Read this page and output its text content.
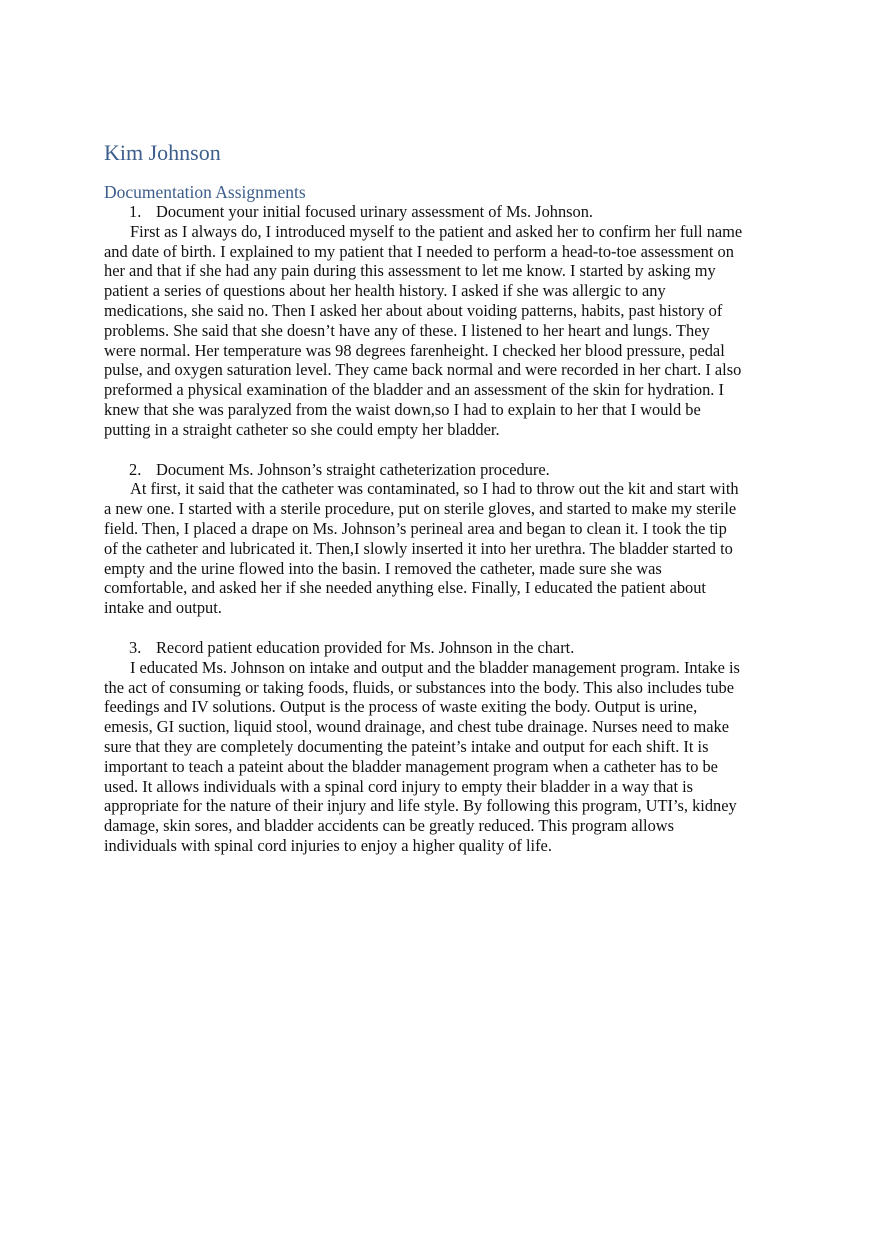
Kim Johnson
Documentation Assignments

1. Document your initial focused urinary assessment of Ms. Johnson.

First as I always do, I introduced myself to the patient and asked her to confirm her full name
and date of birth. I explained to my patient that I needed to perform a head-to-toe assessment on
her and that if she had any pain during this assessment to let me know. I started by asking my
patient a series of questions about her health history. I asked if she was allergic to any
medications, she said no. Then I asked her about about voiding patterns, habits, past history of
problems. She said that she doesn’t have any of these. I listened to her heart and lungs. They
were normal. Her temperature was 98 degrees farenheight. I checked her blood pressure, pedal
pulse, and oxygen saturation level. They came back normal and were recorded in her chart. I also
preformed a physical examination of the bladder and an assessment of the skin for hydration. I
knew that she was paralyzed from the waist down,so I had to explain to her that I would be
putting in a straight catheter so she could empty her bladder.

2. Document Ms. Johnson’s straight catheterization procedure.

At first, it said that the catheter was contaminated, so I had to throw out the kit and start with
a new one. I started with a sterile procedure, put on sterile gloves, and started to make my sterile
field. Then, I placed a drape on Ms. Johnson’s perineal area and began to clean it. I took the tip
of the catheter and lubricated it. Then,I slowly inserted it into her urethra. The bladder started to
empty and the urine flowed into the basin. I removed the catheter, made sure she was
comfortable, and asked her if she needed anything else. Finally, I educated the patient about
intake and output.

3. Record patient education provided for Ms. Johnson in the chart.

I educated Ms. Johnson on intake and output and the bladder management program. Intake is
the act of consuming or taking foods, fluids, or substances into the body. This also includes tube
feedings and IV solutions. Output is the process of waste exiting the body. Output is urine,
emesis, GI suction, liquid stool, wound drainage, and chest tube drainage. Nurses need to make
sure that they are completely documenting the pateint’s intake and output for each shift. It is
important to teach a pateint about the bladder management program when a catheter has to be
used. It allows individuals with a spinal cord injury to empty their bladder in a way that is
appropriate for the nature of their injury and life style. By following this program, UTI’s, kidney
damage, skin sores, and bladder accidents can be greatly reduced. This program allows
individuals with spinal cord injuries to enjoy a higher quality of life.
